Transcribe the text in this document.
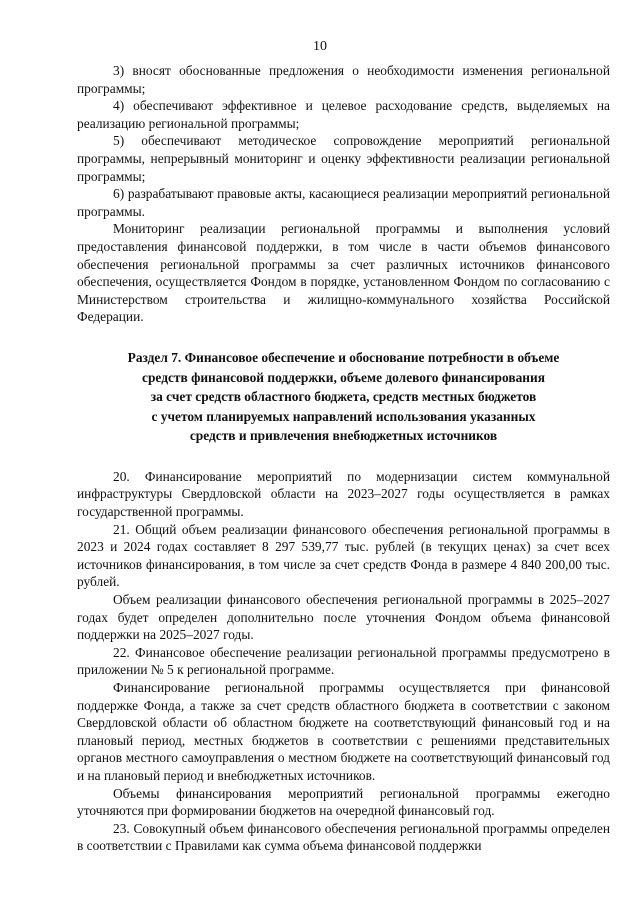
10

3) вносят обоснованные предложения о необходимости изменения региональной программы;

4) обеспечивают эффективное и целевое расходование средств, выделяемых на реализацию региональной программы;

5) обеспечивают методическое сопровождение мероприятий региональной программы, непрерывный мониторинг и оценку эффективности реализации региональной программы;

6) разрабатывают правовые акты, касающиеся реализации мероприятий региональной программы.

Мониторинг реализации региональной программы и выполнения условий предоставления финансовой поддержки, в том числе в части объемов финансового обеспечения региональной программы за счет различных источников финансового обеспечения, осуществляется Фондом в порядке, установленном Фондом по согласованию с Министерством строительства и жилищно-коммунального хозяйства Российской Федерации.

Раздел 7. Финансовое обеспечение и обоснование потребности в объеме
средств финансовой поддержки, объеме долевого финансирования
за счет средств областного бюджета, средств местных бюджетов
с учетом планируемых направлений использования указанных
средств и привлечения внебюджетных источников

20. Финансирование мероприятий по модернизации систем коммунальной инфраструктуры Свердловской области на 2023–2027 годы осуществляется в рамках государственной программы.

21. Общий объем реализации финансового обеспечения региональной программы в 2023 и 2024 годах составляет 8 297 539,77 тыс. рублей (в текущих ценах) за счет всех источников финансирования, в том числе за счет средств Фонда в размере 4 840 200,00 тыс. рублей.

Объем реализации финансового обеспечения региональной программы в 2025–2027 годах будет определен дополнительно после уточнения Фондом объема финансовой поддержки на 2025–2027 годы.

22. Финансовое обеспечение реализации региональной программы предусмотрено в приложении № 5 к региональной программе.

Финансирование региональной программы осуществляется при финансовой поддержке Фонда, а также за счет средств областного бюджета в соответствии с законом Свердловской области об областном бюджете на соответствующий финансовый год и на плановый период, местных бюджетов в соответствии с решениями представительных органов местного самоуправления о местном бюджете на соответствующий финансовый год и на плановый период и внебюджетных источников.

Объемы финансирования мероприятий региональной программы ежегодно уточняются при формировании бюджетов на очередной финансовый год.

23. Совокупный объем финансового обеспечения региональной программы определен в соответствии с Правилами как сумма объема финансовой поддержки
